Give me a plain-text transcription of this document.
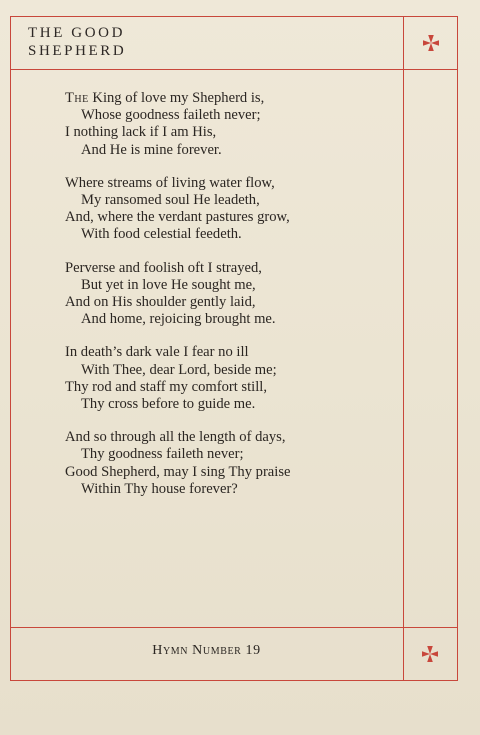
THE GOOD
SHEPHERD
The King of love my Shepherd is,
Whose goodness faileth never;
I nothing lack if I am His,
And He is mine forever.
Where streams of living water flow,
My ransomed soul He leadeth,
And, where the verdant pastures grow,
With food celestial feedeth.
Perverse and foolish oft I strayed,
But yet in love He sought me,
And on His shoulder gently laid,
And home, rejoicing brought me.
In death’s dark vale I fear no ill
With Thee, dear Lord, beside me;
Thy rod and staff my comfort still,
Thy cross before to guide me.
And so through all the length of days,
Thy goodness faileth never;
Good Shepherd, may I sing Thy praise
Within Thy house forever?
Hymn Number 19
